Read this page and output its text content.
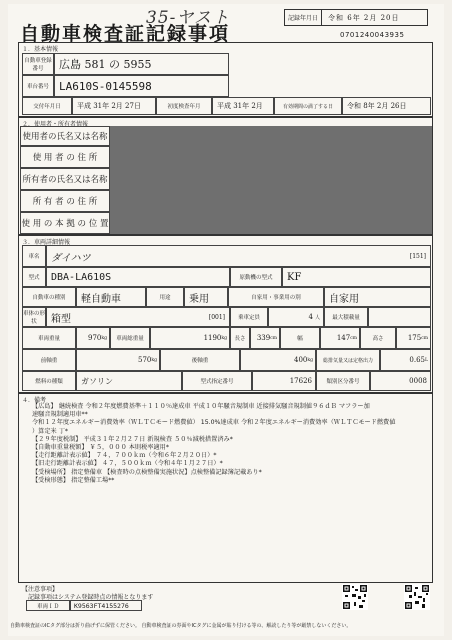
35-ヤスト	記録年月日	令和 6年 2月 20日
自動車検査証記録事項	0701240043935
１．基本情報
自動車登録番号	広島 581 の 5955
車台番号 LA610S-0145598
交付年月日	平成 31年 2月 27日	初度検査年月	平成 31年 2月	有効期間の満了する日	令和 8年 2月 26日
２．使用者・所有者情報
使用者の氏名又は名称
使 用 者 の 住 所
所有者の氏名又は名称
所 有 者 の 住 所
使 用 の 本 拠 の 位 置
３．車両詳細情報
車名	ダイハツ	[151]
型式	DBA-LA610S	原動機の型式	KF
自動車の種別	軽自動車	用途	乗用	自家用・事業用の別	自家用
車体の形状	箱型	[001]	乗車定員	4 人	最大積載量
車両重量	970 kg	車両総重量	1190 kg	長さ	339 cm	幅	147 cm	高さ	175 cm
前軸重	570 kg	後軸重	400 kg	総排気量又は定格出力	0.65 L
燃料の種類	ガソリン	型式指定番号	17626	類別区分番号	0008
４．備考
【広島】 継続検査 令和２年度燃費基準＋１１０％達成車 平成１０年騒音規制車 近接排気騒音規制値９６ｄＢ マフラー加
速騒音規制適用車**
令和１２年度エネルギー消費効率（ＷＬＴＣモード燃費値） 15.0%達成車 令和２年度エネルギー消費効率（ＷＬＴＣモード燃費値
）算定米 丁*
【２９年度税制】 平成３１年２月２７日 新規検査 ５０％減税措置済み*
【自動車重量税額】 ￥５，０００ 本則税率適用*
【走行距離計表示値】 ７４，７００ｋｍ（令和６年２月２０日）*
【旧走行距離計表示値】 ４７，５００ｋｍ（令和４年１月２７日）*
【受検場所】 指定整備車 【検査時の点検整備実施状況】点検整備記録簿記載あり*
【受検形態】 指定整備工場**
【注意事項】
記録事項はシステム登録時点の情報となります
車両ＩＤ	K9563FT4155276
自動車検査証のICタグ部分は折り曲げずに保管ください。 自動車検査証の券面やICタグに金属が貼り付ける等の、解読したり等が厳禁しないください。
